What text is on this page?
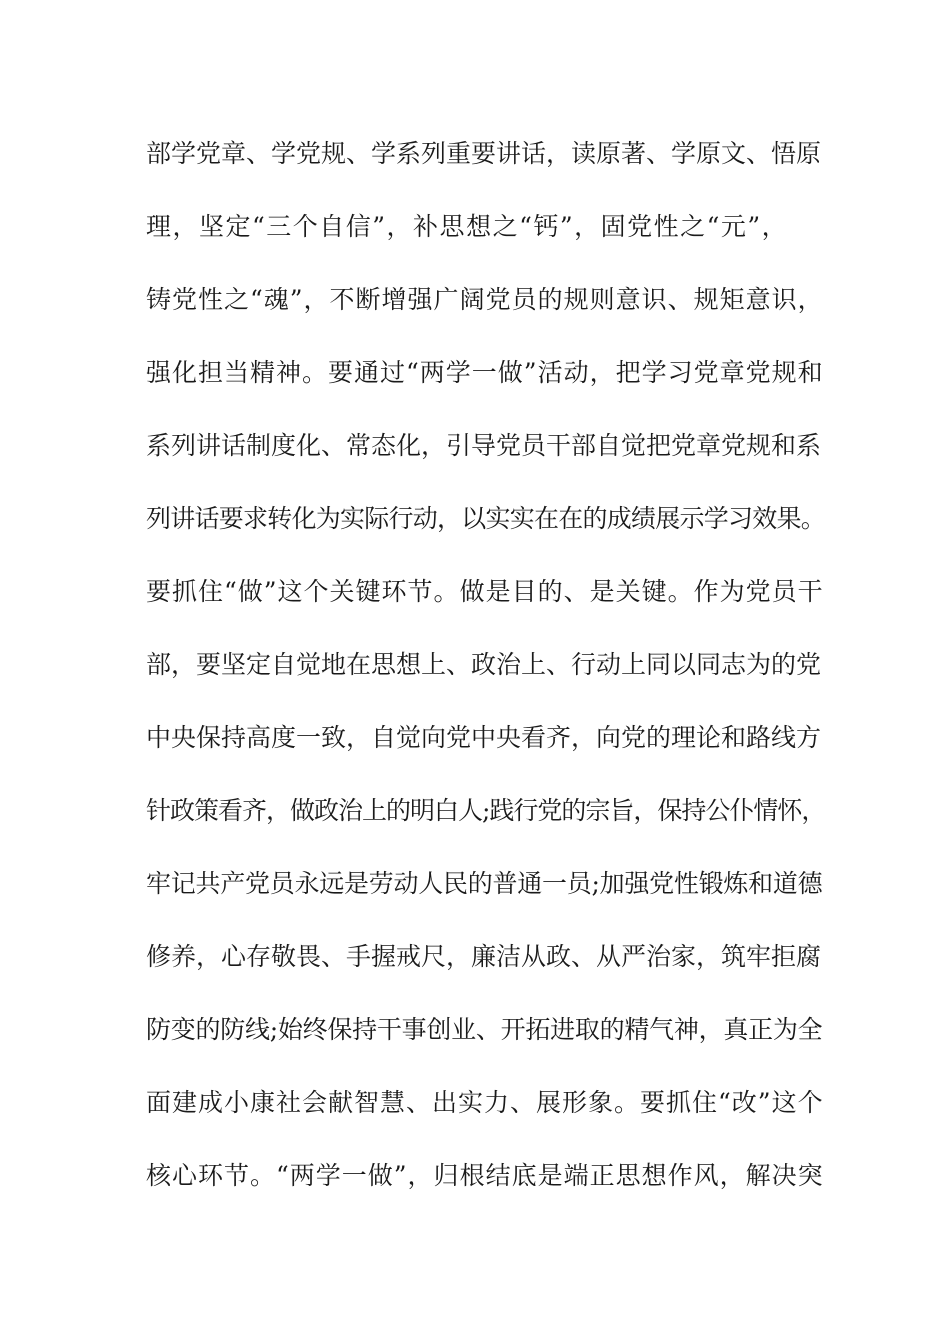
部学党章、学党规、学系列重要讲话，读原著、学原文、悟原
理，坚定“三个自信”，补思想之“钙”，固党性之“元”，
铸党性之“魂”，不断增强广阔党员的规则意识、规矩意识，
强化担当精神。要通过“两学一做”活动，把学习党章党规和
系列讲话制度化、常态化，引导党员干部自觉把党章党规和系
列讲话要求转化为实际行动，以实实在在的成绩展示学习效果。
要抓住“做”这个关键环节。做是目的、是关键。作为党员干
部，要坚定自觉地在思想上、政治上、行动上同以同志为的党
中央保持高度一致，自觉向党中央看齐，向党的理论和路线方
针政策看齐，做政治上的明白人;践行党的宗旨，保持公仆情怀，
牢记共产党员永远是劳动人民的普通一员;加强党性锻炼和道德
修养，心存敬畏、手握戒尺，廉洁从政、从严治家，筑牢拒腐
防变的防线;始终保持干事创业、开拓进取的精气神，真正为全
面建成小康社会献智慧、出实力、展形象。要抓住“改”这个
核心环节。“两学一做”，归根结底是端正思想作风，解决突
